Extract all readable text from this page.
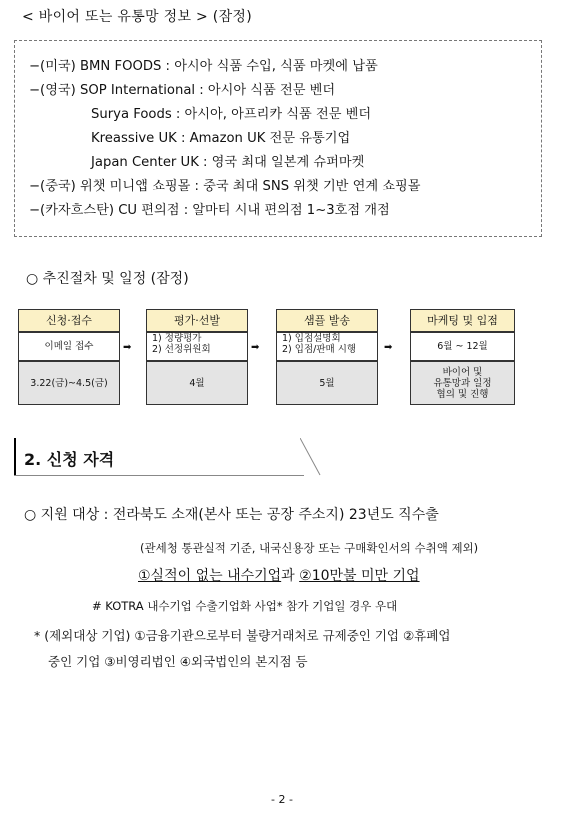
< 바이어 또는 유통망 정보 > (잠정)
−(미국) BMN FOODS : 아시아 식품 수입, 식품 마켓에 납품
−(영국) SOP International : 아시아 식품 전문 벤더
Surya Foods : 아시아, 아프리카 식품 전문 벤더
Kreassive UK : Amazon UK 전문 유통기업
Japan Center UK : 영국 최대 일본계 슈퍼마켓
−(중국) 위챗 미니앱 쇼핑몰 : 중국 최대 SNS 위챗 기반 연계 쇼핑몰
−(카자흐스탄) CU 편의점 : 알마티 시내 편의점 1~3호점 개점
○ 추진절차 및 일정 (잠정)
신청·접수
이메일 접수
3.22(금)~4.5(금)
➡
평가·선발
1) 정량평가
2) 선정위원회
4월
➡
샘플 발송
1) 입점설명회
2) 입점/판매 시행
5월
➡
마케팅 및 입점
6월 ~ 12월
바이어 및
유통망과 일정
협의 및 진행
2. 신청 자격
○ 지원 대상 : 전라북도 소재(본사 또는 공장 주소지) 23년도 직수출
(관세청 통관실적 기준, 내국신용장 또는 구매확인서의 수취액 제외)
①실적이 없는 내수기업과 ②10만불 미만 기업
# KOTRA 내수기업 수출기업화 사업* 참가 기업일 경우 우대
* (제외대상 기업) ①금융기관으로부터 불량거래처로 규제중인 기업 ②휴폐업
중인 기업 ③비영리법인 ④외국법인의 본지점 등
- 2 -
